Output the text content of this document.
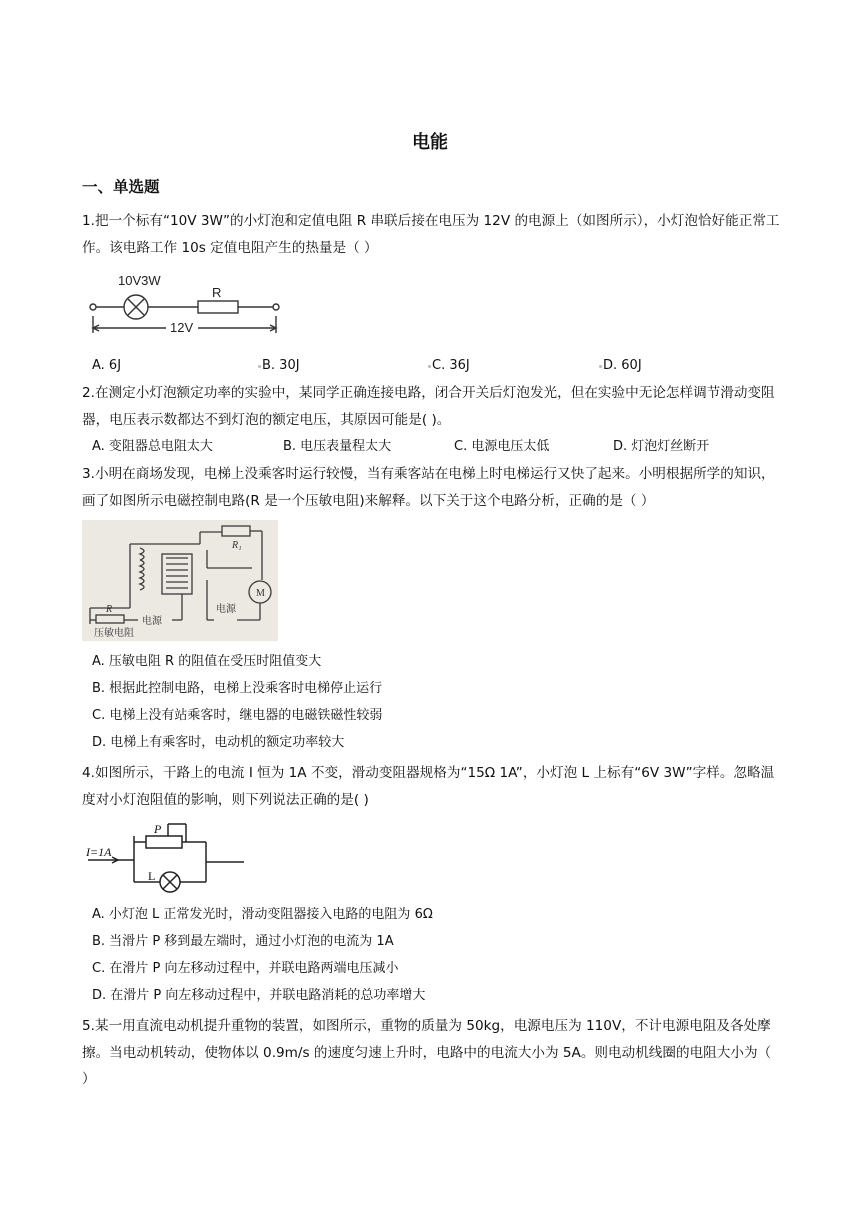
电能
一、单选题
1.把一个标有“10V 3W”的小灯泡和定值电阻 R 串联后接在电压为 12V 的电源上（如图所示），小灯泡恰好能正常工作。该电路工作 10s 定值电阻产生的热量是（ ）
10V3W
R
12V
A. 6J	B. 30J	C. 36J	D. 60J
2.在测定小灯泡额定功率的实验中，某同学正确连接电路，闭合开关后灯泡发光，但在实验中无论怎样调节滑动变阻器，电压表示数都达不到灯泡的额定电压，其原因可能是( )。
A. 变阻器总电阻太大	B. 电压表量程太大	C. 电源电压太低	D. 灯泡灯丝断开
3.小明在商场发现，电梯上没乘客时运行较慢，当有乘客站在电梯上时电梯运行又快了起来。小明根据所学的知识，画了如图所示电磁控制电路(R 是一个压敏电阻)来解释。以下关于这个电路分析，正确的是（ ）
R₁
M
R
电源
电源
压敏电阻
A. 压敏电阻 R 的阻值在受压时阻值变大
B. 根据此控制电路，电梯上没乘客时电梯停止运行
C. 电梯上没有站乘客时，继电器的电磁铁磁性较弱
D. 电梯上有乘客时，电动机的额定功率较大
4.如图所示，干路上的电流 I 恒为 1A 不变，滑动变阻器规格为“15Ω 1A”，小灯泡 L 上标有“6V 3W”字样。忽略温度对小灯泡阻值的影响，则下列说法正确的是( )
I=1A
P
L
A. 小灯泡 L 正常发光时，滑动变阻器接入电路的电阻为 6Ω
B. 当滑片 P 移到最左端时，通过小灯泡的电流为 1A
C. 在滑片 P 向左移动过程中，并联电路两端电压减小
D. 在滑片 P 向左移动过程中，并联电路消耗的总功率增大
5.某一用直流电动机提升重物的装置，如图所示，重物的质量为 50kg，电源电压为 110V，不计电源电阻及各处摩擦。当电动机转动，使物体以 0.9m/s 的速度匀速上升时，电路中的电流大小为 5A。则电动机线圈的电阻大小为（ ）
